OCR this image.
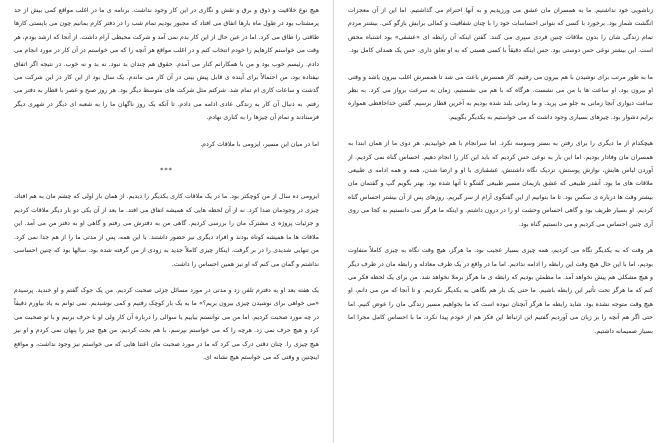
هیچ نوع خلاقیت و ذوق و برق و نقش و نگاری در این کار وجود نداشت. برنامه ی ما در اغلب مواقع کمی بیش از حد پرمشتاب بود در طول ماه بارها اتفاق می افتاد که مجبور بودیم تمام شب را در دفتر کارم بمانیم چون می بایستی کارها طاقتی را طاق می کرد. اما در عین حال از این کار بدم نمی آمد و شرکت محیطی آرام داشت. از آنجا که ارشد بودم، هر وقت می خواستم کارهایم را خودم انتخاب کنم و در اغلب مواقع هر آنچه را که می خواستم در آن کار در مورد انجام می دادم. رئیسم خوب بود و من با همکارانم کنار می آمدم. حقوق هم چندان بد نبود. نه بد و نه خوب. در نتیجه اگر اتفاق نیفتاده بود، من احتمالاً برای آینده ی قابل پیش بینی در آن کار می ماندم. یک سال بود از این کار در این شرکت می گذشت و ساعات کاری ام تمام شد. شرکتم مثل شرکت های متوسط دیگر بود. هر روز صبح و عصر با قطار به دفتر می رفتم. به دنبال آن کار به زندگی عادی ادامه می دادم. تا آنکه یک روز ناگهان ما را به شعبه ای دیگر در شهری دیگر فرستادند و تمام آن چیزها را به کناری نهادم.

اما در میان این مسیر، ایزومی با ملاقات کردم.

***

ایزومی ده سال از من کوچکتر بود. ما در یک ملاقات کاری یکدیگر را دیدیم. از همان بار اولی که چشم مان به هم افتاد، چیزی در وجودمان صدا کرد. نه از آن لحظه هایی که همیشه اتفاق می افتد. ما بعد از آن یکی دو بار دیگر ملاقات کردیم و جزئیات پروژه ی مشترک مان را بررسی کردیم. گاهی من به دفترش می رفتم و گاهی او به دفتر من می آمد. این ملاقات ها ما همیشه کوتاه بودند و افراد دیگری نیز حضور داشتند. با این همه، پس از مدتی ما را از هم جدا نمی کرد. من تنهایی شدیدی را در بر گرفت. اینکار چیزی کاملاً جدید به زودی از من گرفته شده بود. سالها بود که چنین احساسی نداشتم و گمان می کنم که او نیز همین احساس را داشت.

یک هفته بعد او به دفترم تلفن زد و مدتی در مورد مسائل جزئی صحبت کردیم. من یک جوک گفتم و او خندید. پرسیدم «می خواهی برای نوشیدن چیزی بیرون بریم؟» ما به یک بار کوچک رفتیم و کمی نوشیدیم. نمی توانم به یاد بیاورم دقیقاً در چه مورد صحبت کردیم. اما من می توانستم بیاییم یا سوالی را درباره آن کار ولی او با حرف برنیم و با تو صحبت می کرد و هیچ حرف نمی زد. هرچه را که می خواستم بپرسم، با هم بحث کردیم. من هیچ چیز را پنهان نمی کردم و او نیز هیچ چیزی را. چنان دقتی درک می کرد که ما در مورد صحبت مان اعتنا هایی که می خواستم نیز وجود نداشت، و مواقع اینچنین و وقتی که می خواستم هیچ نشانه ای.

زناشویی خود نداشتیم. ما به همسران مان عشق می ورزیدیم و به آنها احترام می گذاشتیم. اما این از آن معجزات انگشت شمار بود. برخورد با کسی که بتوانی احساسات خود را با چنان شفافیت و کمالی برایش بازگو کنی. بیشتر مردم تمام زندگی شان را بدون ملاقات چنین فردی سپری می کنند. گفتن اینکه آن رابطه ای «عشقی» بود اشتباه محض است. این بیشتر نوعی حس دوستی بود. حس اینکه دقیقاً با کسی هستی که به او تعلق داری. حس یک همدلی کامل بود.

ما به طور مرتب برای نوشیدن با هم بیرون می رفتیم. کار همسرش باعث می شد تا همسرش اغلب بیرون باشد و وقتی او بیرون بود، او ساعت ها با من می نشست. هرگاه که با هم می نشستیم، زمان به سرعت برواز می کرد. به نظر ساعت دیواری آنجا زمانی به جلو می پرید. و ما زمانی بلند شده بودیم به آخرین قطار برسیم. گفتن خداحافظی همواره برایم دشوار بود. چیزهای بسیاری وجود داشت که می خواستیم به یکدیگر بگوییم.

هیچکدام از ما دیگری را برای رفتن به بستر وسوسه نکرد. اما سرانجام با هم خوابیدیم. هر دوی ما از همان ابتدا به همسران مان وفادار بودیم. اما این بار به نوعی حس کردیم که باید این کار را انجام دهیم. احساس گناه نمی کردیم. از آوردن لباس هایش، نوازش پوستش، نزدیک نگاه داشتنش، عشقبازی با او و ارضا شدن، همه و همه ادامه ی طبیعی ملاقات های ما بود. آنقدر طبیعی که عشق بازیمان مسیر طبیعی گفتگو با آنها شده بود. بهتر بگویم گپ و گفتمان مان بیشتر وقت ها درباره ی سکس بود. تا ما بتوانیم از این گفتگوی آرام از سر گیریم. روزهای پس از آن بیشتر احساس گناه کردیم. او بسیار ظریف بود و گاهی احساس وحشت او را در درون داشتم. و اینکه ما هرگز نمی دانستیم به کجا می روی آری چنین احساس می کردیم و می دانستیم گناه بود.

هر وقت که به یکدیگر نگاه می کردیم، همه چیزی بسیار عجیب بود. ما هرگز، هیچ وقت نگاه به چیزی کاملاً متفاوت بودیم، اما با این حال هیچ وقت این رابطه را ادامه ندادیم. اما ما در واقع در یک طرف معادله و رابطه مان در طرف دیگر و هیچ مشکلی هم پیش نخواهد آمد. ما مطمئن بودیم که رابطه ی ما هرگز برملا نخواهد شد. من برای یک لحظه فکر می کنم که ما هرگز تحت تأثیر این رابطه باشیم. ما حتی یک بار هم نگاهی به یکدیگر نکردیم. و تا آنجا که من می دانم، او هیچ وقت متوجه نشده بود. شاید رابطه ما هرگز آنچنان نبوده است که ما بخواهیم مسیر زندگی مان را عوض کنیم. اما حتی اگر هم آنچه را بر زبان می آوردیم گفتیم این ارتباط این فکر هم از خودم پیدا نکرد، ما با احساس کامل مجرا اما بسیار صمیمانه داشتیم.
